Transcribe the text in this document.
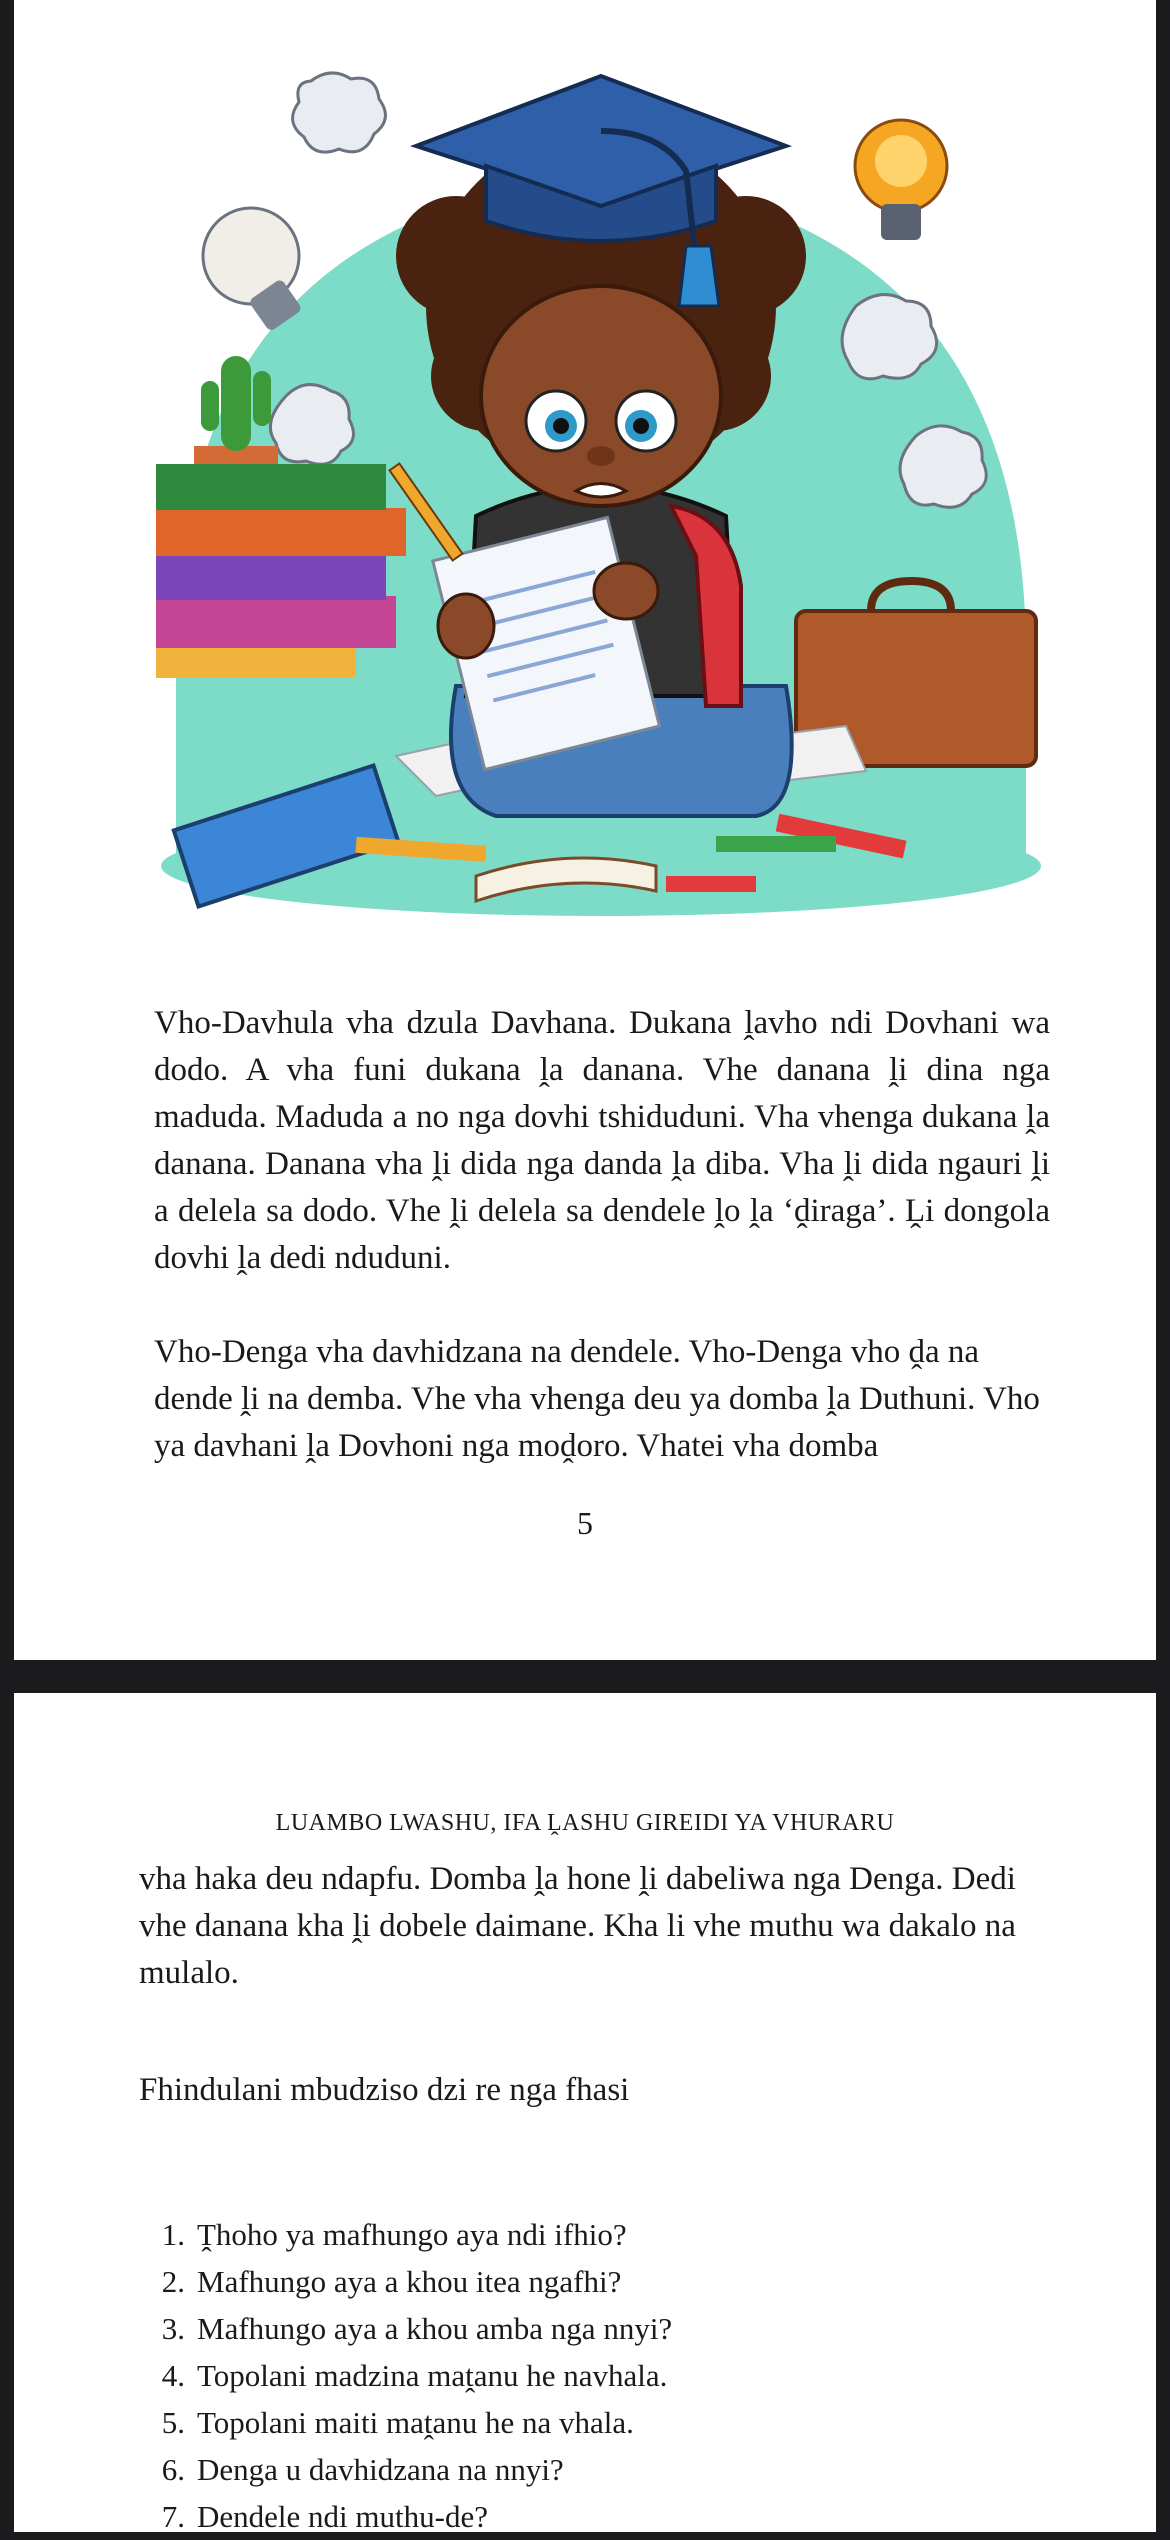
Vho-Davhula vha dzula Davhana. Dukana ḽavho ndi Dovhani wa dodo. A vha funi dukana ḽa danana. Vhe danana ḽi dina nga maduda. Maduda a no nga dovhi tshiduduni. Vha vhenga dukana ḽa danana. Danana vha ḽi dida nga danda ḽa diba. Vha ḽi dida ngauri ḽi a delela sa dodo. Vhe ḽi delela sa dendele ḽo ḽa ‘ḓiraga’. Ḽi dongola dovhi ḽa dedi nduduni.

Vho-Denga vha davhidzana na dendele. Vho-Denga vho ḓa na dende ḽi na demba. Vhe vha vhenga deu ya domba ḽa Duthuni. Vho ya davhani ḽa Dovhoni nga moḓoro. Vhatei vha domba

5
LUAMBO LWASHU, IFA ḼASHU GIREIDI YA VHURARU

vha haka deu ndapfu. Domba ḽa hone ḽi dabeliwa nga Denga. Dedi vhe danana kha ḽi dobele daimane. Kha li vhe muthu wa dakalo na mulalo.

Fhindulani mbudziso dzi re nga fhasi
1. Ṱhoho ya mafhungo aya ndi ifhio?
2. Mafhungo aya a khou itea ngafhi?
3. Mafhungo aya a khou amba nga nnyi?
4. Topolani madzina maṱanu he navhala.
5. Topolani maiti maṱanu he na vhala.
6. Denga u davhidzana na nnyi?
7. Dendele ndi muthu-de?
